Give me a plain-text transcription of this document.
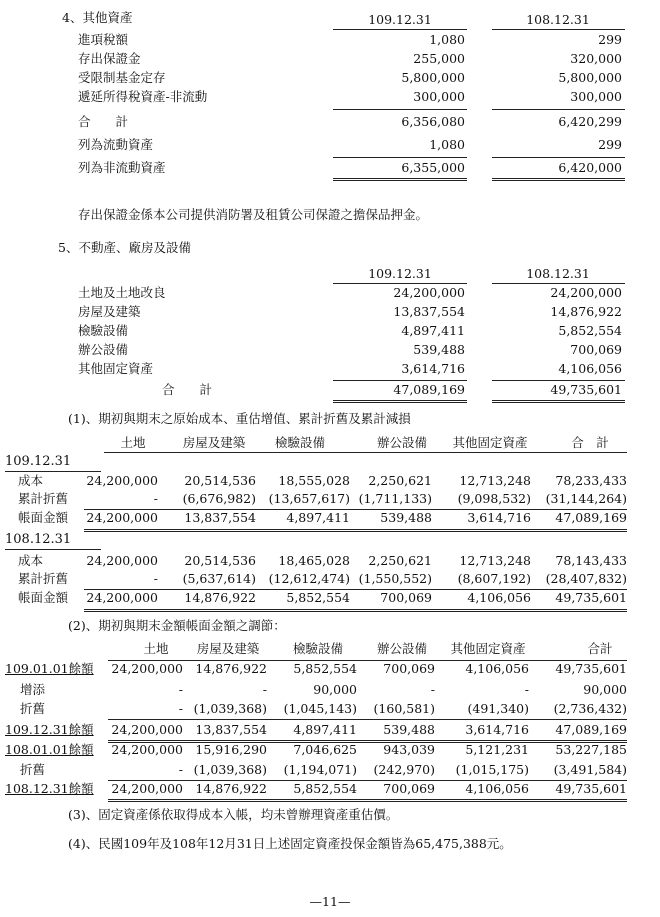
4、其他資產	109.12.31	108.12.31
進項稅額	1,080	299
存出保證金	255,000	320,000
受限制基金定存	5,800,000	5,800,000
遞延所得稅資產-非流動	300,000	300,000
合　　計	6,356,080	6,420,299
列為流動資產	1,080	299
列為非流動資產	6,355,000	6,420,000
存出保證金係本公司提供消防署及租賃公司保證之擔保品押金。
5、不動產、廠房及設備
109.12.31	108.12.31
土地及土地改良	24,200,000	24,200,000
房屋及建築	13,837,554	14,876,922
檢驗設備	4,897,411	5,852,554
辦公設備	539,488	700,069
其他固定資產	3,614,716	4,106,056
合　　計	47,089,169	49,735,601
(1)、期初與期末之原始成本、重估增值、累計折舊及累計減損
土地	房屋及建築	檢驗設備	辦公設備	其他固定資產	合　計
109.12.31
成本	24,200,000	20,514,536	18,555,028	2,250,621	12,713,248	78,233,433
累計折舊	-	(6,676,982)	(13,657,617) (1,711,133)	(9,098,532)	(31,144,264)
帳面金額	24,200,000	13,837,554	4,897,411	539,488	3,614,716	47,089,169
108.12.31
成本	24,200,000	20,514,536	18,465,028	2,250,621	12,713,248	78,143,433
累計折舊	-	(5,637,614)	(12,612,474) (1,550,552)	(8,607,192)	(28,407,832)
帳面金額	24,200,000	14,876,922	5,852,554	700,069	4,106,056	49,735,601
(2)、期初與期末金額帳面金額之調節：
土地	房屋及建築	檢驗設備	辦公設備	其他固定資產	合計
109.01.01餘額	24,200,000 14,876,922	5,852,554	700,069	4,106,056	49,735,601
增添	-	-	90,000	-	-	90,000
折舊	- (1,039,368)	(1,045,143)	(160,581)	(491,340)	(2,736,432)
109.12.31餘額	24,200,000 13,837,554	4,897,411	539,488	3,614,716	47,089,169
108.01.01餘額	24,200,000 15,916,290	7,046,625	943,039	5,121,231	53,227,185
折舊	- (1,039,368)	(1,194,071)	(242,970)	(1,015,175)	(3,491,584)
108.12.31餘額	24,200,000 14,876,922	5,852,554	700,069	4,106,056	49,735,601
(3)、固定資產係依取得成本入帳，均未曾辦理資產重估價。
(4)、民國109年及108年12月31日上述固定資產投保金額皆為65,475,388元。
—11—
